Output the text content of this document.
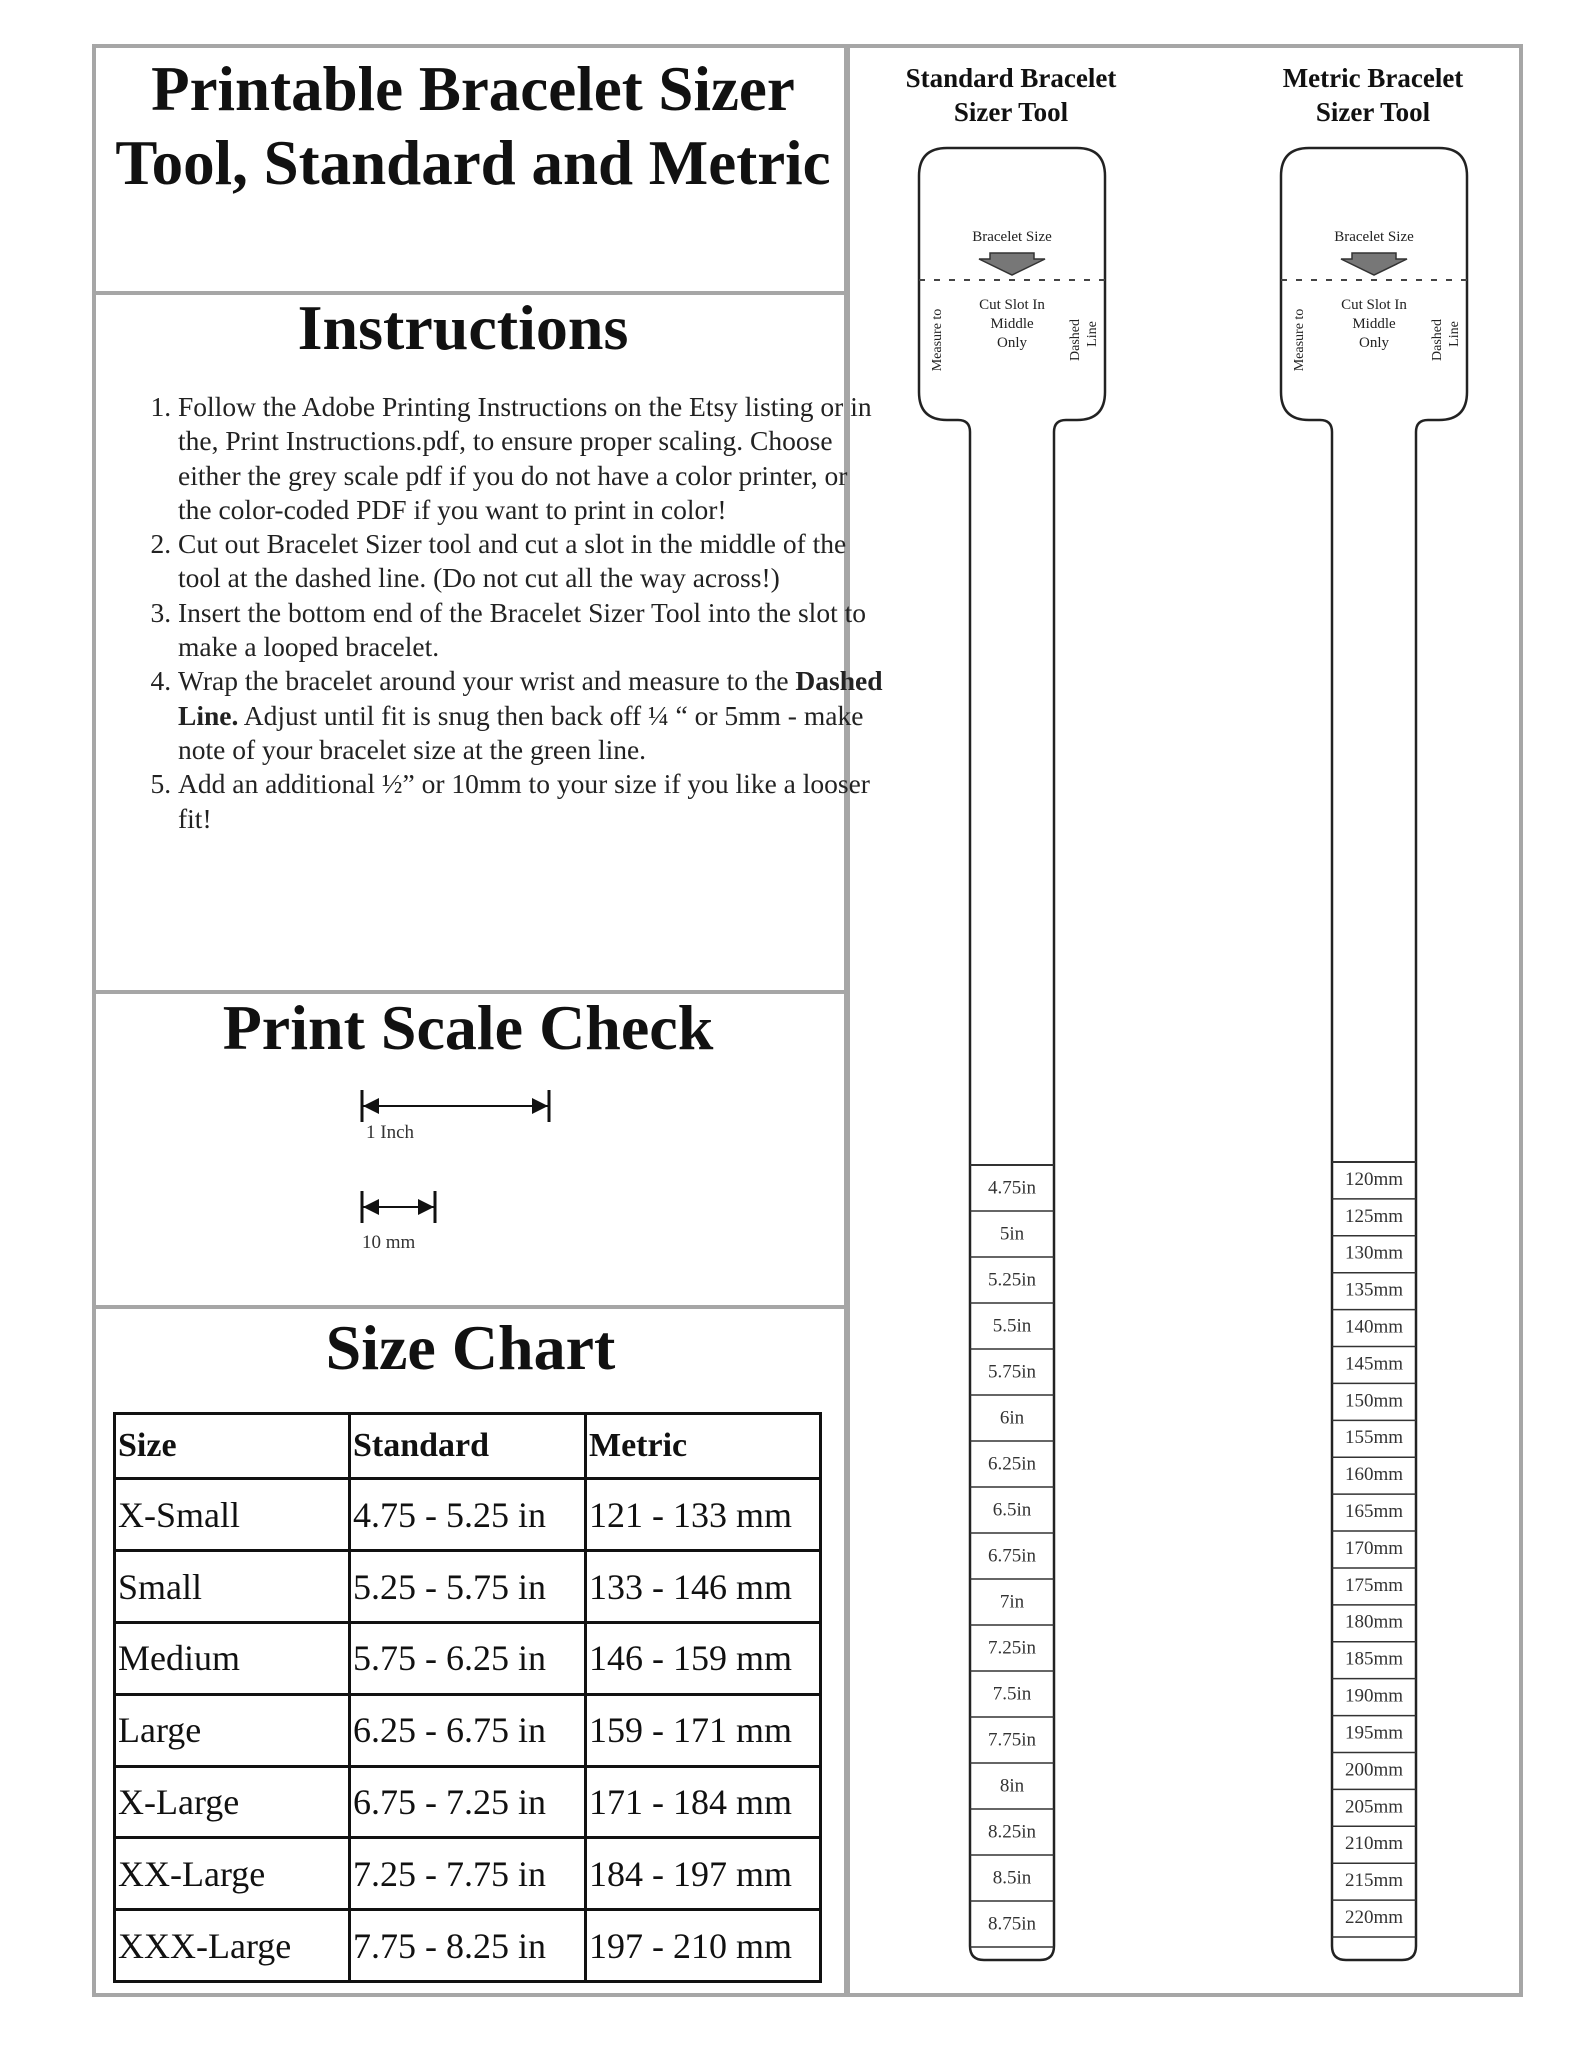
Printable Bracelet Sizer Tool, Standard and Metric
Instructions
1. Follow the Adobe Printing Instructions on the Etsy listing or in the, Print Instructions.pdf, to ensure proper scaling. Choose either the grey scale pdf if you do not have a color printer, or the color-coded PDF if you want to print in color!
2. Cut out Bracelet Sizer tool and cut a slot in the middle of the tool at the dashed line. (Do not cut all the way across!)
3. Insert the bottom end of the Bracelet Sizer Tool into the slot to make a looped bracelet.
4. Wrap the bracelet around your wrist and measure to the Dashed Line. Adjust until fit is snug then back off ¼ “ or 5mm - make note of your bracelet size at the green line.
5. Add an additional ½” or 10mm to your size if you like a looser fit!
Print Scale Check
1 Inch
10 mm
Size Chart
Size	Standard	Metric
X-Small	4.75 - 5.25 in	121 - 133 mm
Small	5.25 - 5.75 in	133 - 146 mm
Medium	5.75 - 6.25 in	146 - 159 mm
Large	6.25 - 6.75 in	159 - 171 mm
X-Large	6.75 - 7.25 in	171 - 184 mm
XX-Large	7.25 - 7.75 in	184 - 197 mm
XXX-Large	7.75 - 8.25 in	197 - 210 mm
Standard Bracelet
Sizer Tool
Metric Bracelet
Sizer Tool
Bracelet Size
Cut Slot In
Middle
Only
Measure to	Dashed Line
4.75in
5in
5.25in
5.5in
5.75in
6in
6.25in
6.5in
6.75in
7in
7.25in
7.5in
7.75in
8in
8.25in
8.5in
8.75in
Bracelet Size
Cut Slot In
Middle
Only
Measure to	Dashed Line
120mm
125mm
130mm
135mm
140mm
145mm
150mm
155mm
160mm
165mm
170mm
175mm
180mm
185mm
190mm
195mm
200mm
205mm
210mm
215mm
220mm
